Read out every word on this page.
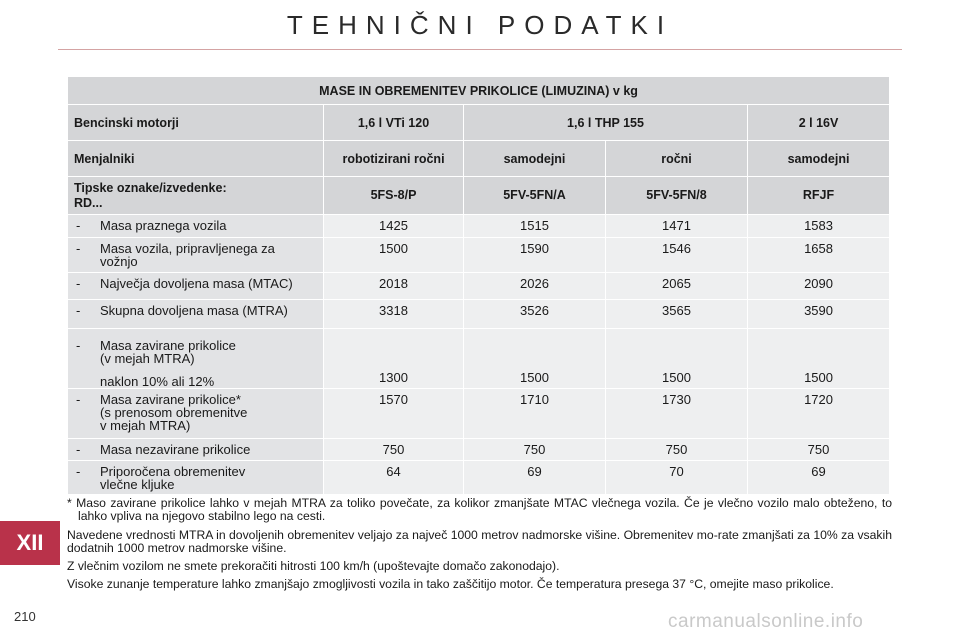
TEHNIČNI PODATKI
MASE IN OBREMENITEV PRIKOLICE (LIMUZINA) v kg				
Bencinski motorji	1,6 l VTi 120	1,6 l THP 155		2 l 16V
Menjalniki	robotizirani ročni	samodejni	ročni	samodejni

Tipske oznake/izvedenke:
RD...	5FS-8/P	5FV-5FN/A	5FV-5FN/8	RFJF

- Masa praznega vozila	1425	1515	1471	1583

- Masa vozila, pripravljenega za
vožnjo	1500	1590	1546	1658

- Največja dovoljena masa (MTAC)	2018	2026	2065	2090

- Skupna dovoljena masa (MTRA)	3318	3526	3565	3590

- Masa zavirane prikolice
(v mejah MTRA)
naklon 10% ali 12%	1300	1500	1500	1500

- Masa zavirane prikolice*
(s prenosom obremenitve
v mejah MTRA)	1570	1710	1730	1720

- Masa nezavirane prikolice	750	750	750	750

- Priporočena obremenitev
vlečne kljuke	64	69	70	69

* Maso zavirane prikolice lahko v mejah MTRA za toliko povečate, za kolikor zmanjšate MTAC vlečnega vozila. Če je vlečno vozilo malo obteženo, to lahko vpliva na njegovo stabilno lego na cesti.

Navedene vrednosti MTRA in dovoljenih obremenitev veljajo za največ 1000 metrov nadmorske višine. Obremenitev mo-rate zmanjšati za 10% za vsakih dodatnih 1000 metrov nadmorske višine.

Z vlečnim vozilom ne smete prekoračiti hitrosti 100 km/h (upoštevajte domačo zakonodajo).

Visoke zunanje temperature lahko zmanjšajo zmogljivosti vozila in tako zaščitijo motor. Če temperatura presega 37 °C, omejite maso prikolice.

XII
210	carmanualsonline.info
